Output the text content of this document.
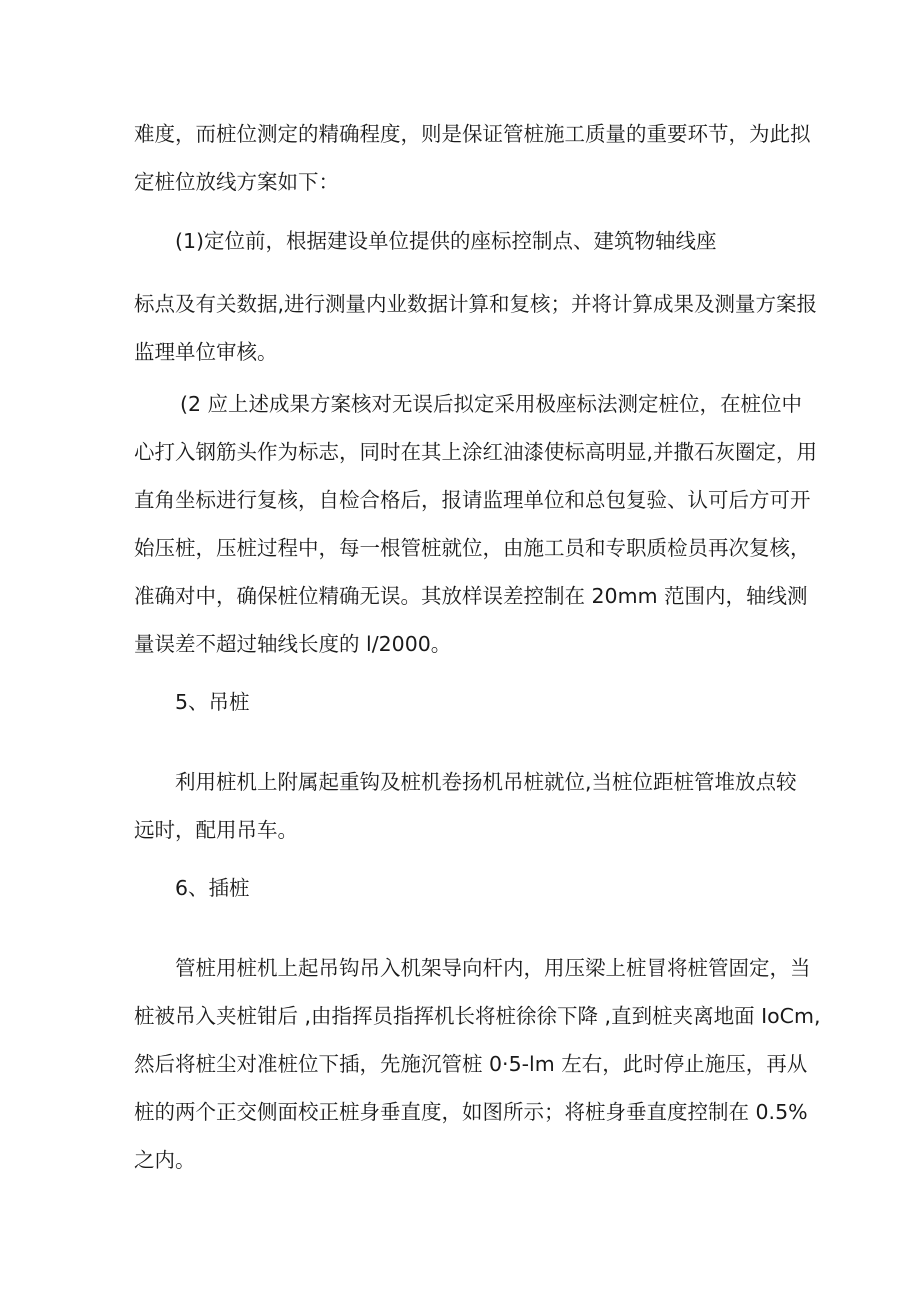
难度，而桩位测定的精确程度，则是保证管桩施工质量的重要环节，为此拟
定桩位放线方案如下：
(1)定位前，根据建设单位提供的座标控制点、建筑物轴线座
标点及有关数据,进行测量内业数据计算和复核；并将计算成果及测量方案报
监理单位审核。
(2 应上述成果方案核对无误后拟定采用极座标法测定桩位，在桩位中
心打入钢筋头作为标志，同时在其上涂红油漆使标高明显,并撒石灰圈定，用
直角坐标进行复核，自检合格后，报请监理单位和总包复验、认可后方可开
始压桩，压桩过程中，每一根管桩就位，由施工员和专职质检员再次复核，
准确对中，确保桩位精确无误。其放样误差控制在 20mm 范围内，轴线测
量误差不超过轴线长度的 l/2000。
5、吊桩
利用桩机上附属起重钩及桩机卷扬机吊桩就位,当桩位距桩管堆放点较
远时，配用吊车。
6、插桩
管桩用桩机上起吊钩吊入机架导向杆内，用压梁上桩冒将桩管固定，当
桩被吊入夹桩钳后 ,由指挥员指挥机长将桩徐徐下降 ,直到桩夹离地面 IoCm,
然后将桩尘对准桩位下插，先施沉管桩 0·5-lm 左右，此时停止施压，再从
桩的两个正交侧面校正桩身垂直度，如图所示；将桩身垂直度控制在 0.5%
之内。
